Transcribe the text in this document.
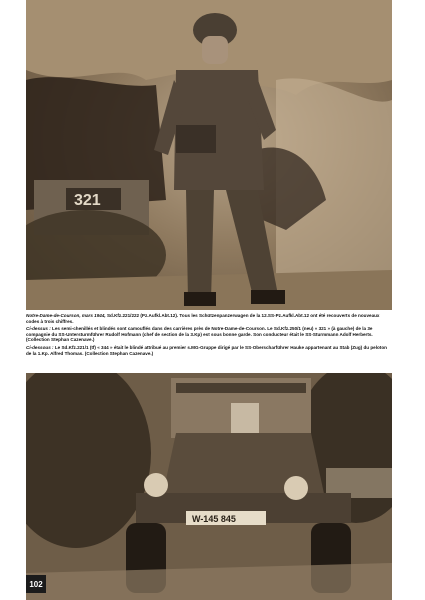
321

Notre-Dame-de-Courson, mars 1944, Sd.Kfz.221/222 (Pz.Aufkl.Abt.12). Tous les Schützenpanzerwagen de la 12.SS-Pz.Aufkl.Abt.12 ont été recouverts de nouveaux codes à trois chiffres.

Ci-dessus : Les semi-chenillés et blindés sont camouflés dans des carrières près de Notre-Dame-de-Courson. Le Sd.Kfz.250/1 (neu) « 321 » (à gauche) de la 3e compagnie du SS-Untersturmführer Rudolf Hofmann (chef de section de la 3.Kp) est sous bonne garde. Son conducteur était le SS-Sturmmann Adolf Herberts. (Collection Stephan Cazenave.)

Ci-dessous : Le Sd.Kfz.221/1 (tf) « 344 » était le blindé attribué au premier s.MG-Gruppe dirigé par le SS-Oberscharführer Hauke appartenant au Stab (Zug) du peloton de la 1.Kp. Alfred Thomas. (Collection Stephan Cazenave.)

W-145 845
102
